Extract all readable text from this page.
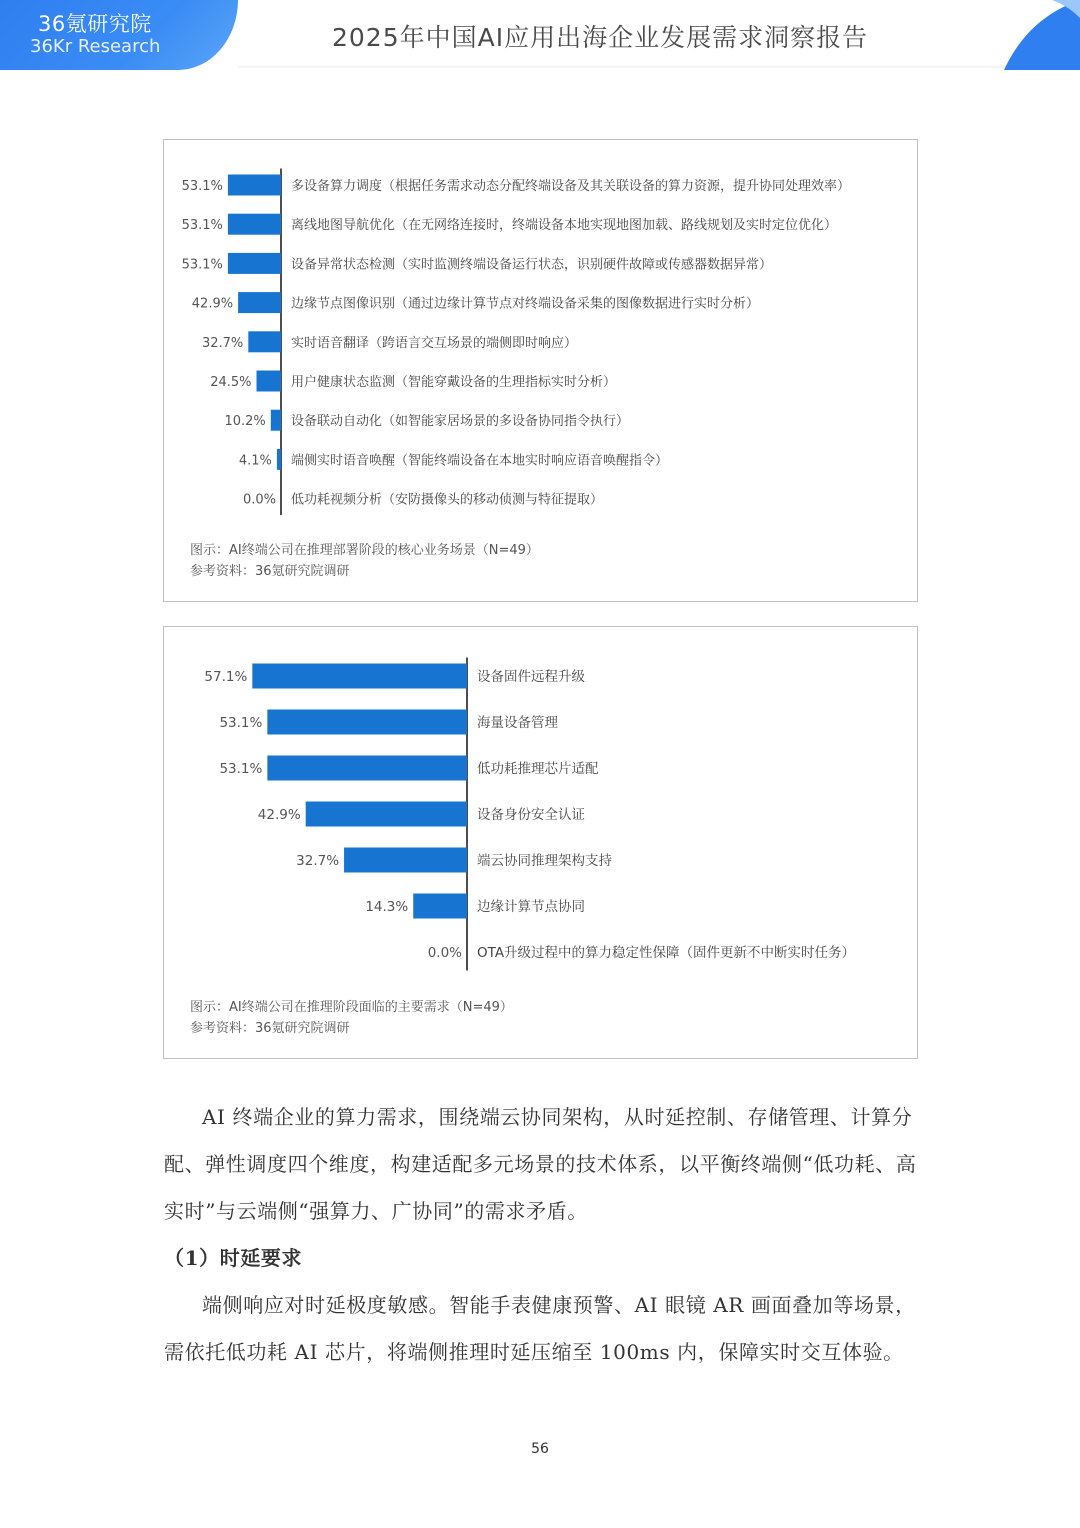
36氪研究院
36Kr Research	2025年中国AI应用出海企业发展需求洞察报告
53.1%	多设备算力调度（根据任务需求动态分配终端设备及其关联设备的算力资源，提升协同处理效率）
53.1%	离线地图导航优化（在无网络连接时，终端设备本地实现地图加载、路线规划及实时定位优化）
53.1%	设备异常状态检测（实时监测终端设备运行状态，识别硬件故障或传感器数据异常）
42.9%	边缘节点图像识别（通过边缘计算节点对终端设备采集的图像数据进行实时分析）
32.7%	实时语音翻译（跨语言交互场景的端侧即时响应）
24.5%	用户健康状态监测（智能穿戴设备的生理指标实时分析）
10.2% 设备联动自动化（如智能家居场景的多设备协同指令执行）
4.1% 端侧实时语音唤醒（智能终端设备在本地实时响应语音唤醒指令）
0.0% 低功耗视频分析（安防摄像头的移动侦测与特征提取）
图示：AI终端公司在推理部署阶段的核心业务场景（N=49）
参考资料：36氪研究院调研
57.1%	设备固件远程升级
53.1%	海量设备管理
53.1%	低功耗推理芯片适配
42.9%	设备身份安全认证
32.7%	端云协同推理架构支持
14.3%	边缘计算节点协同
0.0% OTA升级过程中的算力稳定性保障（固件更新不中断实时任务）
图示：AI终端公司在推理阶段面临的主要需求（N=49）
参考资料：36氪研究院调研

AI 终端企业的算力需求，围绕端云协同架构，从时延控制、存储管理、计算分配、弹性调度四个维度，构建适配多元场景的技术体系，以平衡终端侧“低功耗、高实时”与云端侧“强算力、广协同”的需求矛盾。

（1）时延要求

端侧响应对时延极度敏感。智能手表健康预警、AI 眼镜 AR 画面叠加等场景，需依托低功耗 AI 芯片，将端侧推理时延压缩至 100ms 内，保障实时交互体验。

56
